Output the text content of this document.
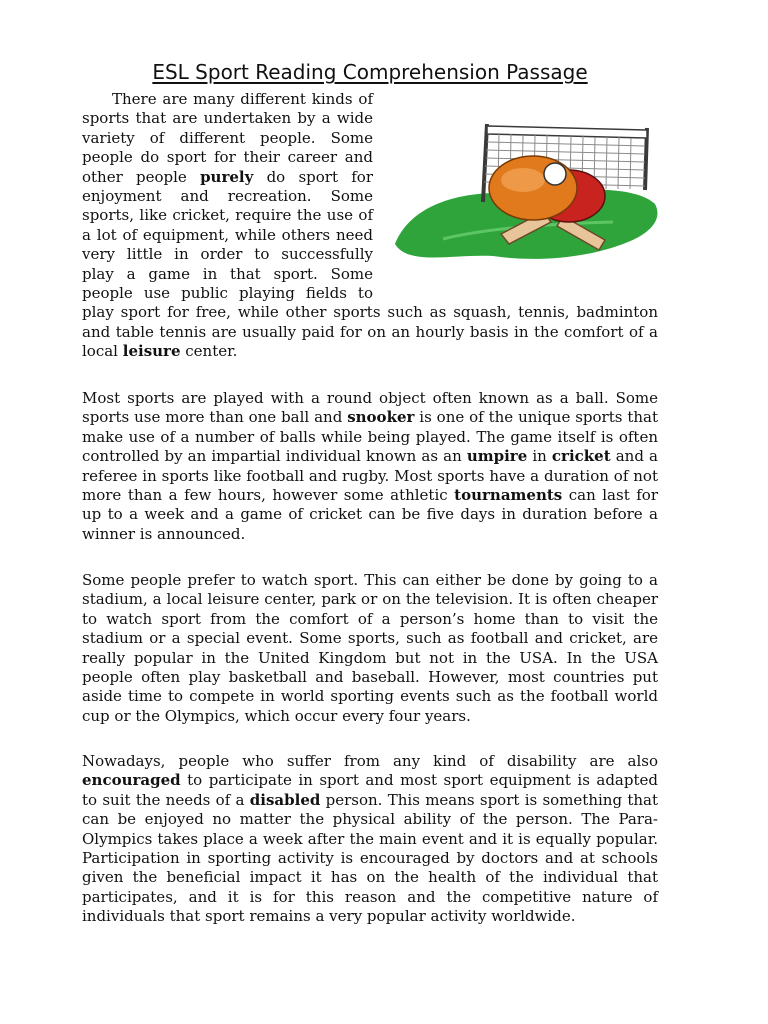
ESL Sport Reading Comprehension Passage

There are many different kinds of sports that are undertaken by a wide variety of different people. Some people do sport for their career and other people purely do sport for enjoyment and recreation. Some sports, like cricket, require the use of a lot of equipment, while others need very little in order to successfully play a game in that sport. Some people use public playing fields to play sport for free, while other sports such as squash, tennis, badminton and table tennis are usually paid for on an hourly basis in the comfort of a local leisure center.

Most sports are played with a round object often known as a ball. Some sports use more than one ball and snooker is one of the unique sports that make use of a number of balls while being played. The game itself is often controlled by an impartial individual known as an umpire in cricket and a referee in sports like football and rugby. Most sports have a duration of not more than a few hours, however some athletic tournaments can last for up to a week and a game of cricket can be five days in duration before a winner is announced.

Some people prefer to watch sport. This can either be done by going to a stadium, a local leisure center, park or on the television. It is often cheaper to watch sport from the comfort of a person’s home than to visit the stadium or a special event. Some sports, such as football and cricket, are really popular in the United Kingdom but not in the USA. In the USA people often play basketball and baseball. However, most countries put aside time to compete in world sporting events such as the football world cup or the Olympics, which occur every four years.

Nowadays, people who suffer from any kind of disability are also encouraged to participate in sport and most sport equipment is adapted to suit the needs of a disabled person. This means sport is something that can be enjoyed no matter the physical ability of the person. The Para-Olympics takes place a week after the main event and it is equally popular. Participation in sporting activity is encouraged by doctors and at schools given the beneficial impact it has on the health of the individual that participates, and it is for this reason and the competitive nature of individuals that sport remains a very popular activity worldwide.
